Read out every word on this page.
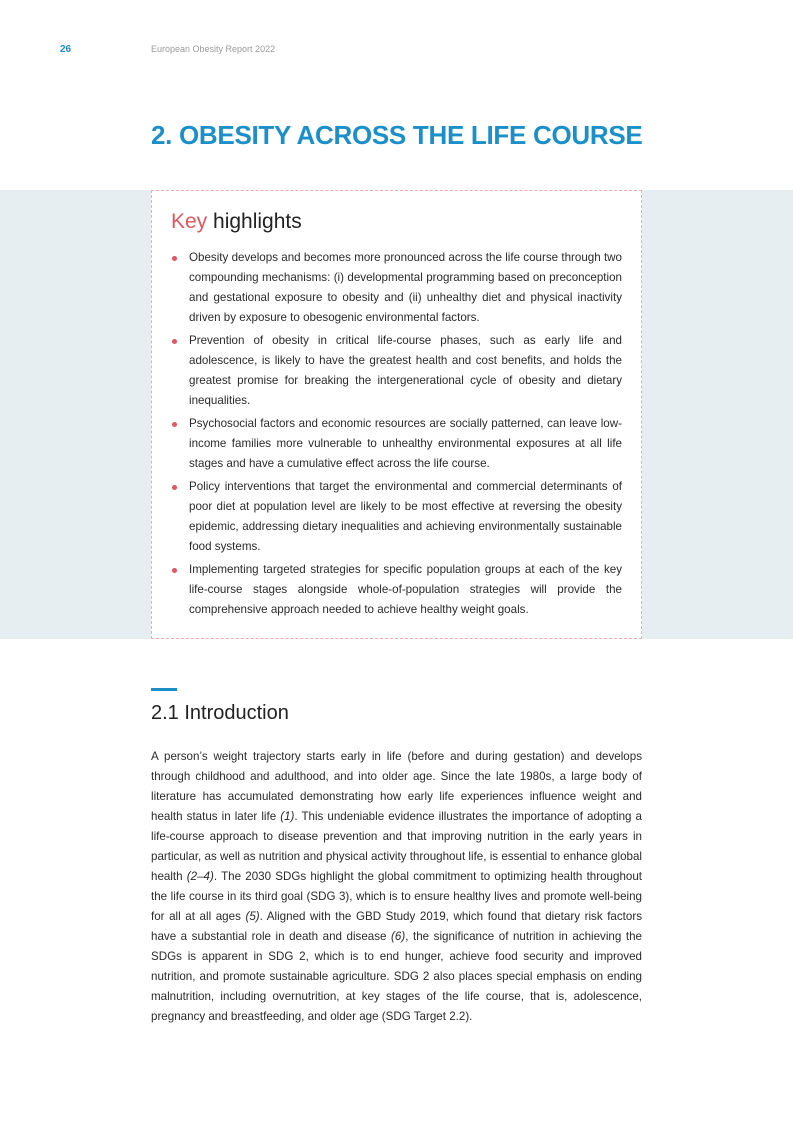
26	European Obesity Report 2022
2. OBESITY ACROSS THE LIFE COURSE
Key highlights
Obesity develops and becomes more pronounced across the life course through two compounding mechanisms: (i) developmental programming based on preconception and gestational exposure to obesity and (ii) unhealthy diet and physical inactivity driven by exposure to obesogenic environmental factors.
Prevention of obesity in critical life-course phases, such as early life and adolescence, is likely to have the greatest health and cost benefits, and holds the greatest promise for breaking the intergenerational cycle of obesity and dietary inequalities.
Psychosocial factors and economic resources are socially patterned, can leave low-income families more vulnerable to unhealthy environmental exposures at all life stages and have a cumulative effect across the life course.
Policy interventions that target the environmental and commercial determinants of poor diet at population level are likely to be most effective at reversing the obesity epidemic, addressing dietary inequalities and achieving environmentally sustainable food systems.
Implementing targeted strategies for specific population groups at each of the key life-course stages alongside whole-of-population strategies will provide the comprehensive approach needed to achieve healthy weight goals.
2.1 Introduction

A person’s weight trajectory starts early in life (before and during gestation) and develops through childhood and adulthood, and into older age. Since the late 1980s, a large body of literature has accumulated demonstrating how early life experiences influence weight and health status in later life (1). This undeniable evidence illustrates the importance of adopting a life-course approach to disease prevention and that improving nutrition in the early years in particular, as well as nutrition and physical activity throughout life, is essential to enhance global health (2–4). The 2030 SDGs highlight the global commitment to optimizing health throughout the life course in its third goal (SDG 3), which is to ensure healthy lives and promote well-being for all at all ages (5). Aligned with the GBD Study 2019, which found that dietary risk factors have a substantial role in death and disease (6), the significance of nutrition in achieving the SDGs is apparent in SDG 2, which is to end hunger, achieve food security and improved nutrition, and promote sustainable agriculture. SDG 2 also places special emphasis on ending malnutrition, including overnutrition, at key stages of the life course, that is, adolescence, pregnancy and breastfeeding, and older age (SDG Target 2.2).
